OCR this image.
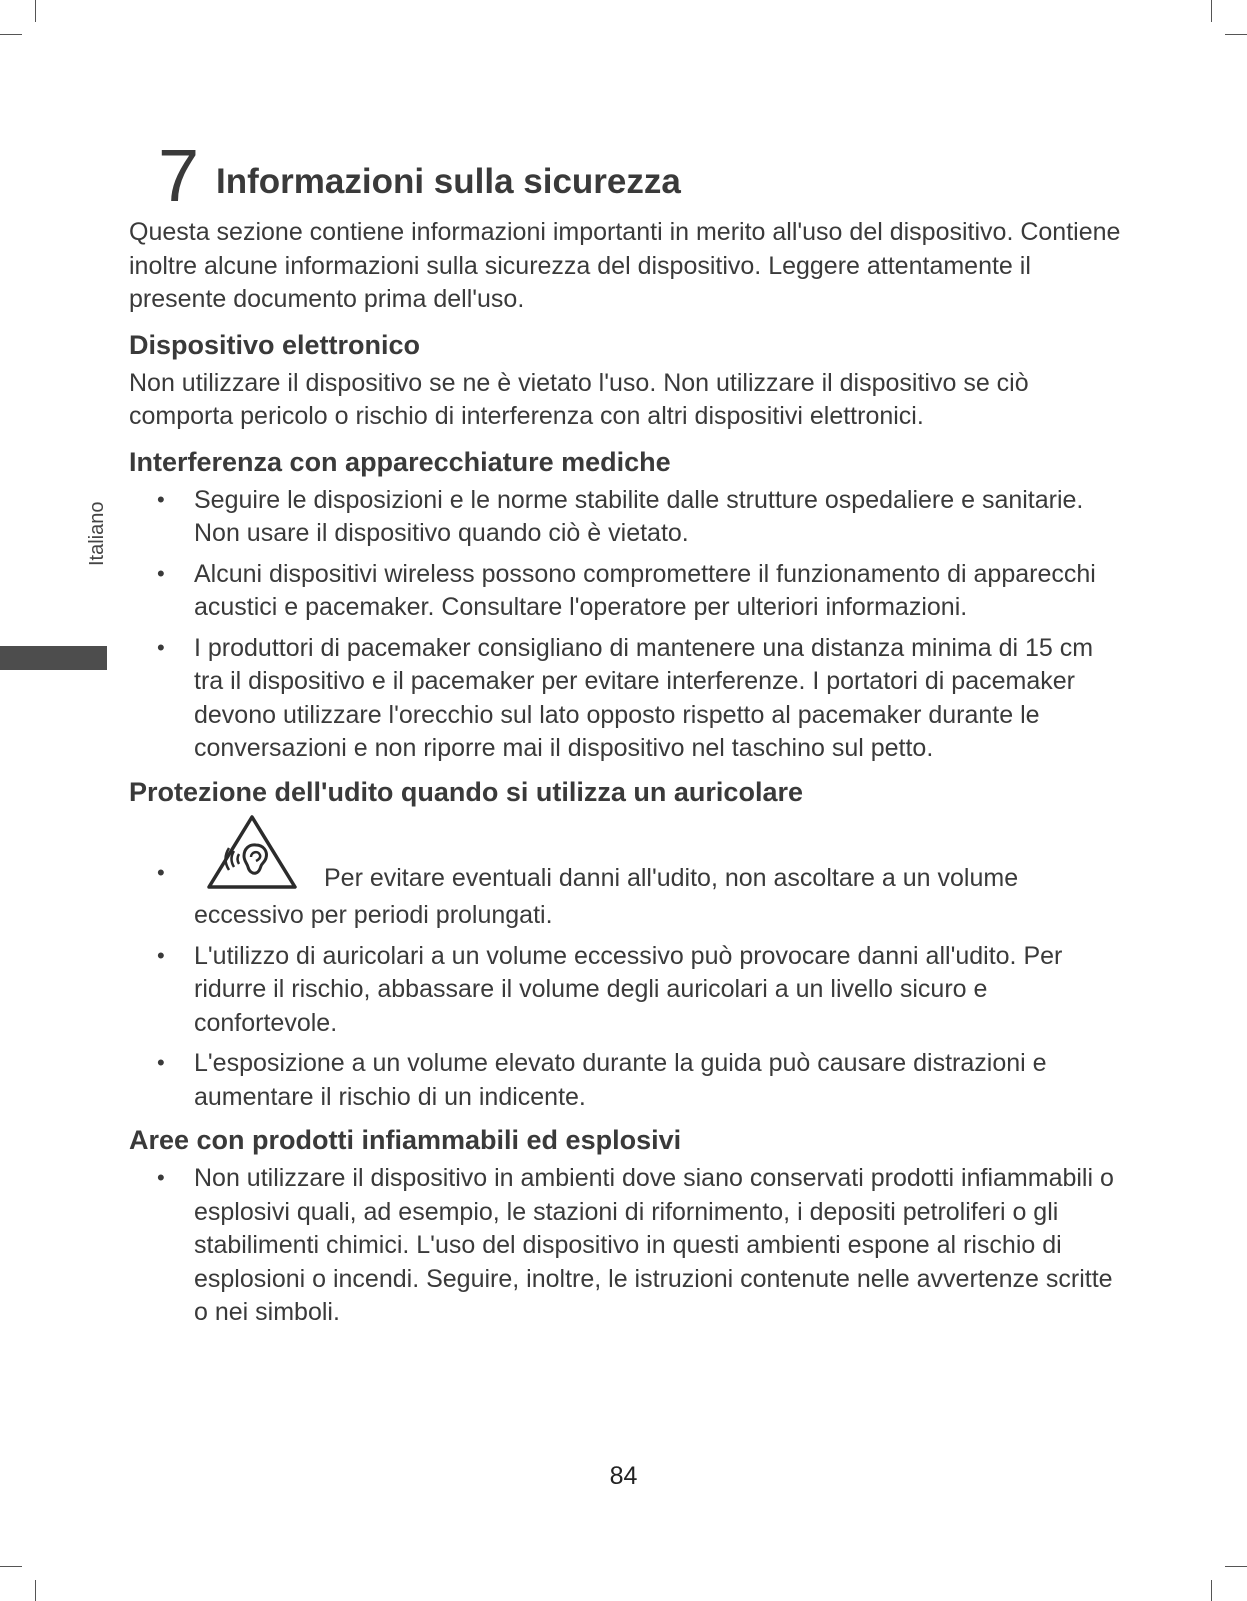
Italiano
7 Informazioni sulla sicurezza

Questa sezione contiene informazioni importanti in merito all'uso del dispositivo. Contiene inoltre alcune informazioni sulla sicurezza del dispositivo. Leggere attentamente il presente documento prima dell'uso.

Dispositivo elettronico

Non utilizzare il dispositivo se ne è vietato l'uso. Non utilizzare il dispositivo se ciò comporta pericolo o rischio di interferenza con altri dispositivi elettronici.

Interferenza con apparecchiature mediche
• Seguire le disposizioni e le norme stabilite dalle strutture ospedaliere e sanitarie. Non usare il dispositivo quando ciò è vietato.
• Alcuni dispositivi wireless possono compromettere il funzionamento di apparecchi acustici e pacemaker. Consultare l'operatore per ulteriori informazioni.
• I produttori di pacemaker consigliano di mantenere una distanza minima di 15 cm tra il dispositivo e il pacemaker per evitare interferenze. I portatori di pacemaker devono utilizzare l'orecchio sul lato opposto rispetto al pacemaker durante le conversazioni e non riporre mai il dispositivo nel taschino sul petto.
Protezione dell'udito quando si utilizza un auricolare
•	Per evitare eventuali danni all'udito, non ascoltare a un volume eccessivo per periodi prolungati.
• L'utilizzo di auricolari a un volume eccessivo può provocare danni all'udito. Per ridurre il rischio, abbassare il volume degli auricolari a un livello sicuro e confortevole.
• L'esposizione a un volume elevato durante la guida può causare distrazioni e aumentare il rischio di un indicente.
Aree con prodotti infiammabili ed esplosivi
• Non utilizzare il dispositivo in ambienti dove siano conservati prodotti infiammabili o esplosivi quali, ad esempio, le stazioni di rifornimento, i depositi petroliferi o gli stabilimenti chimici. L'uso del dispositivo in questi ambienti espone al rischio di esplosioni o incendi. Seguire, inoltre, le istruzioni contenute nelle avvertenze scritte o nei simboli.
84
